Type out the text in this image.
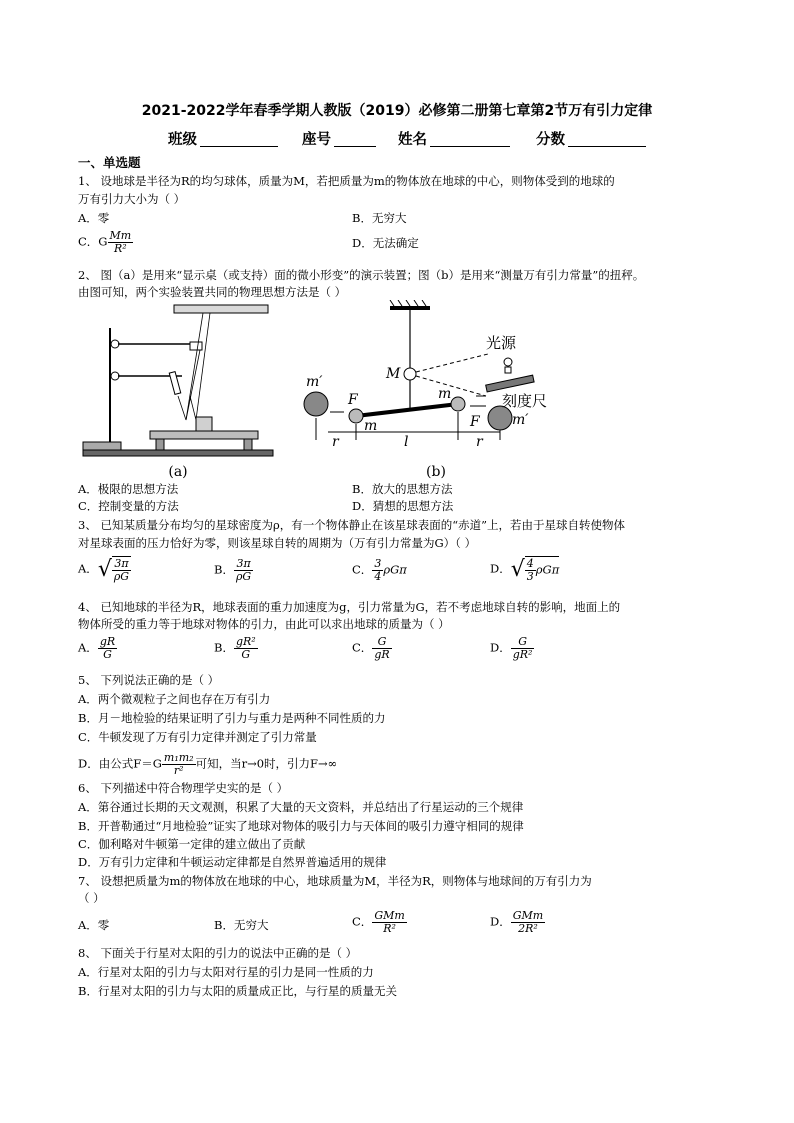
2021-2022学年春季学期人教版（2019）必修第二册第七章第2节万有引力定律
班级	座号	姓名	分数
一、单选题
1、 设地球是半径为R的均匀球体，质量为M，若把质量为m的物体放在地球的中心，则物体受到的地球的
万有引力大小为（ ）
A．零	B．无穷大
C．G $\frac{Mm}{\text{R²}}$	D．无法确定
2、 图（a）是用来“显示桌（或支持）面的微小形变”的演示装置；图（b）是用来“测量万有引力常量”的扭秤。
由图可知，两个实验装置共同的物理思想方法是（ ）
(a)
光源
刻度尺
M
m
m
m′
m′
F
F
r	r
l
(b)
A．极限的思想方法	B．放大的思想方法
C．控制变量的方法	D．猜想的思想方法
3、 已知某质量分布均匀的星球密度为ρ，有一个物体静止在该星球表面的“赤道”上，若由于星球自转使物体
对星球表面的压力恰好为零，则该星球自转的周期为（万有引力常量为G）（ ）
A．√ $\frac{3\pi}{\rho G}$	B． $\frac{3\pi}{\rho G}$	C． $\frac{3}{4}$ ρGπ	D．√ $\frac{4}{3}$ ρGπ
4、 已知地球的半径为R，地球表面的重力加速度为g，引力常量为G，若不考虑地球自转的影响，地面上的
物体所受的重力等于地球对物体的引力，由此可以求出地球的质量为（ ）
A． $\frac{gR}{G}$	B． $\frac{\text{gR²}}{G}$	C． $\frac{G}{gR}$	D． $\frac{G}{\text{gR²}}$
5、 下列说法正确的是（ ）
A．两个微观粒子之间也存在万有引力
B．月－地检验的结果证明了引力与重力是两种不同性质的力
C．牛顿发现了万有引力定律并测定了引力常量
D．由公式$F=G \frac{\text{m₁m₂}}{\text{r²}}$ 可知，当r→0时，引力F→∞
6、 下列描述中符合物理学史实的是（ ）
A．第谷通过长期的天文观测，积累了大量的天文资料，并总结出了行星运动的三个规律
B．开普勒通过“月地检验”证实了地球对物体的吸引力与天体间的吸引力遵守相同的规律
C．伽利略对牛顿第一定律的建立做出了贡献
D．万有引力定律和牛顿运动定律都是自然界普遍适用的规律
7、 设想把质量为m的物体放在地球的中心，地球质量为M，半径为R，则物体与地球间的万有引力为
（ ）
A．零	B．无穷大	C． $\frac{\text{GMm}}{\text{R²}}$	D． $\frac{\text{GMm}}{\text{2R²}}$
8、 下面关于行星对太阳的引力的说法中正确的是（ ）
A．行星对太阳的引力与太阳对行星的引力是同一性质的力
B．行星对太阳的引力与太阳的质量成正比，与行星的质量无关
